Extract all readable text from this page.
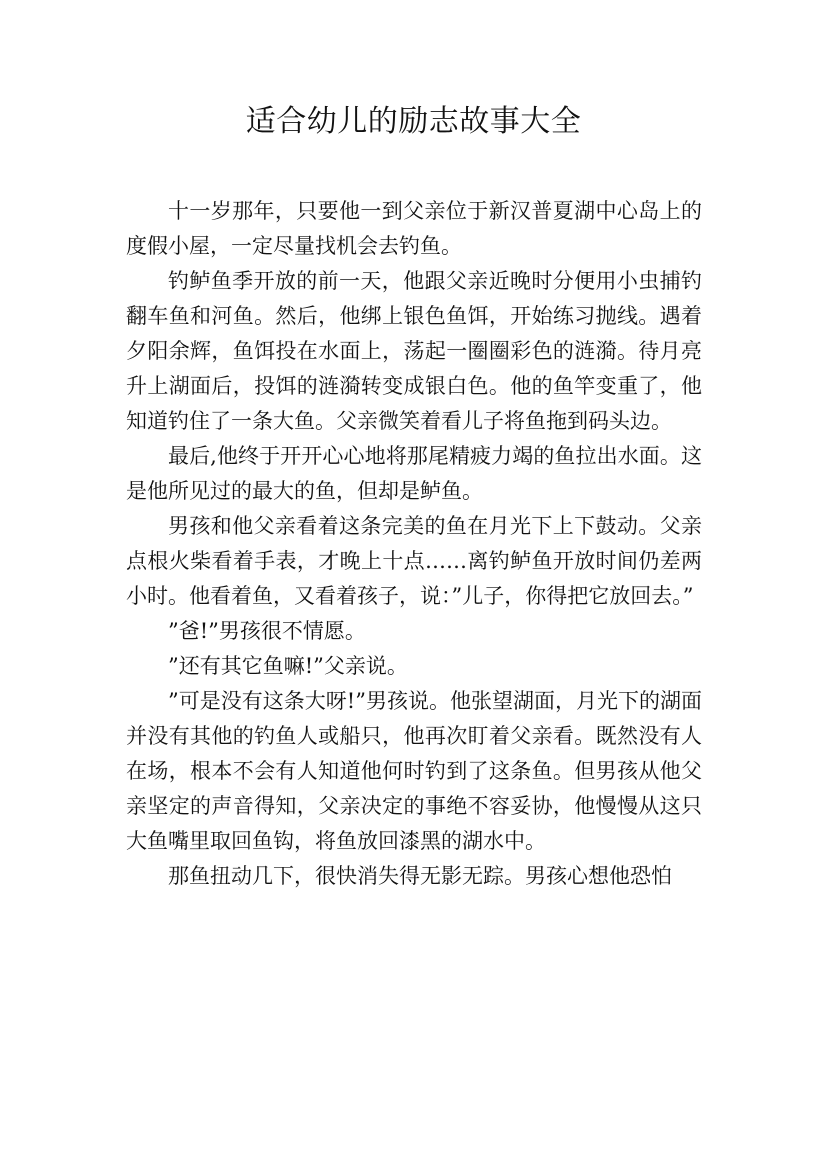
适合幼儿的励志故事大全

十一岁那年，只要他一到父亲位于新汉普夏湖中心岛上的度假小屋，一定尽量找机会去钓鱼。

钓鲈鱼季开放的前一天，他跟父亲近晚时分便用小虫捕钓翻车鱼和河鱼。然后，他绑上银色鱼饵，开始练习抛线。遇着夕阳余辉，鱼饵投在水面上，荡起一圈圈彩色的涟漪。待月亮升上湖面后，投饵的涟漪转变成银白色。他的鱼竿变重了，他知道钓住了一条大鱼。父亲微笑着看儿子将鱼拖到码头边。

最后,他终于开开心心地将那尾精疲力竭的鱼拉出水面。这是他所见过的最大的鱼，但却是鲈鱼。

男孩和他父亲看着这条完美的鱼在月光下上下鼓动。父亲点根火柴看着手表，才晚上十点……离钓鲈鱼开放时间仍差两小时。他看着鱼，又看着孩子，说：”儿子，你得把它放回去。”

”爸!”男孩很不情愿。

”还有其它鱼嘛!”父亲说。

”可是没有这条大呀!”男孩说。他张望湖面，月光下的湖面并没有其他的钓鱼人或船只，他再次盯着父亲看。既然没有人在场，根本不会有人知道他何时钓到了这条鱼。但男孩从他父亲坚定的声音得知，父亲决定的事绝不容妥协，他慢慢从这只大鱼嘴里取回鱼钩，将鱼放回漆黑的湖水中。

那鱼扭动几下，很快消失得无影无踪。男孩心想他恐怕
